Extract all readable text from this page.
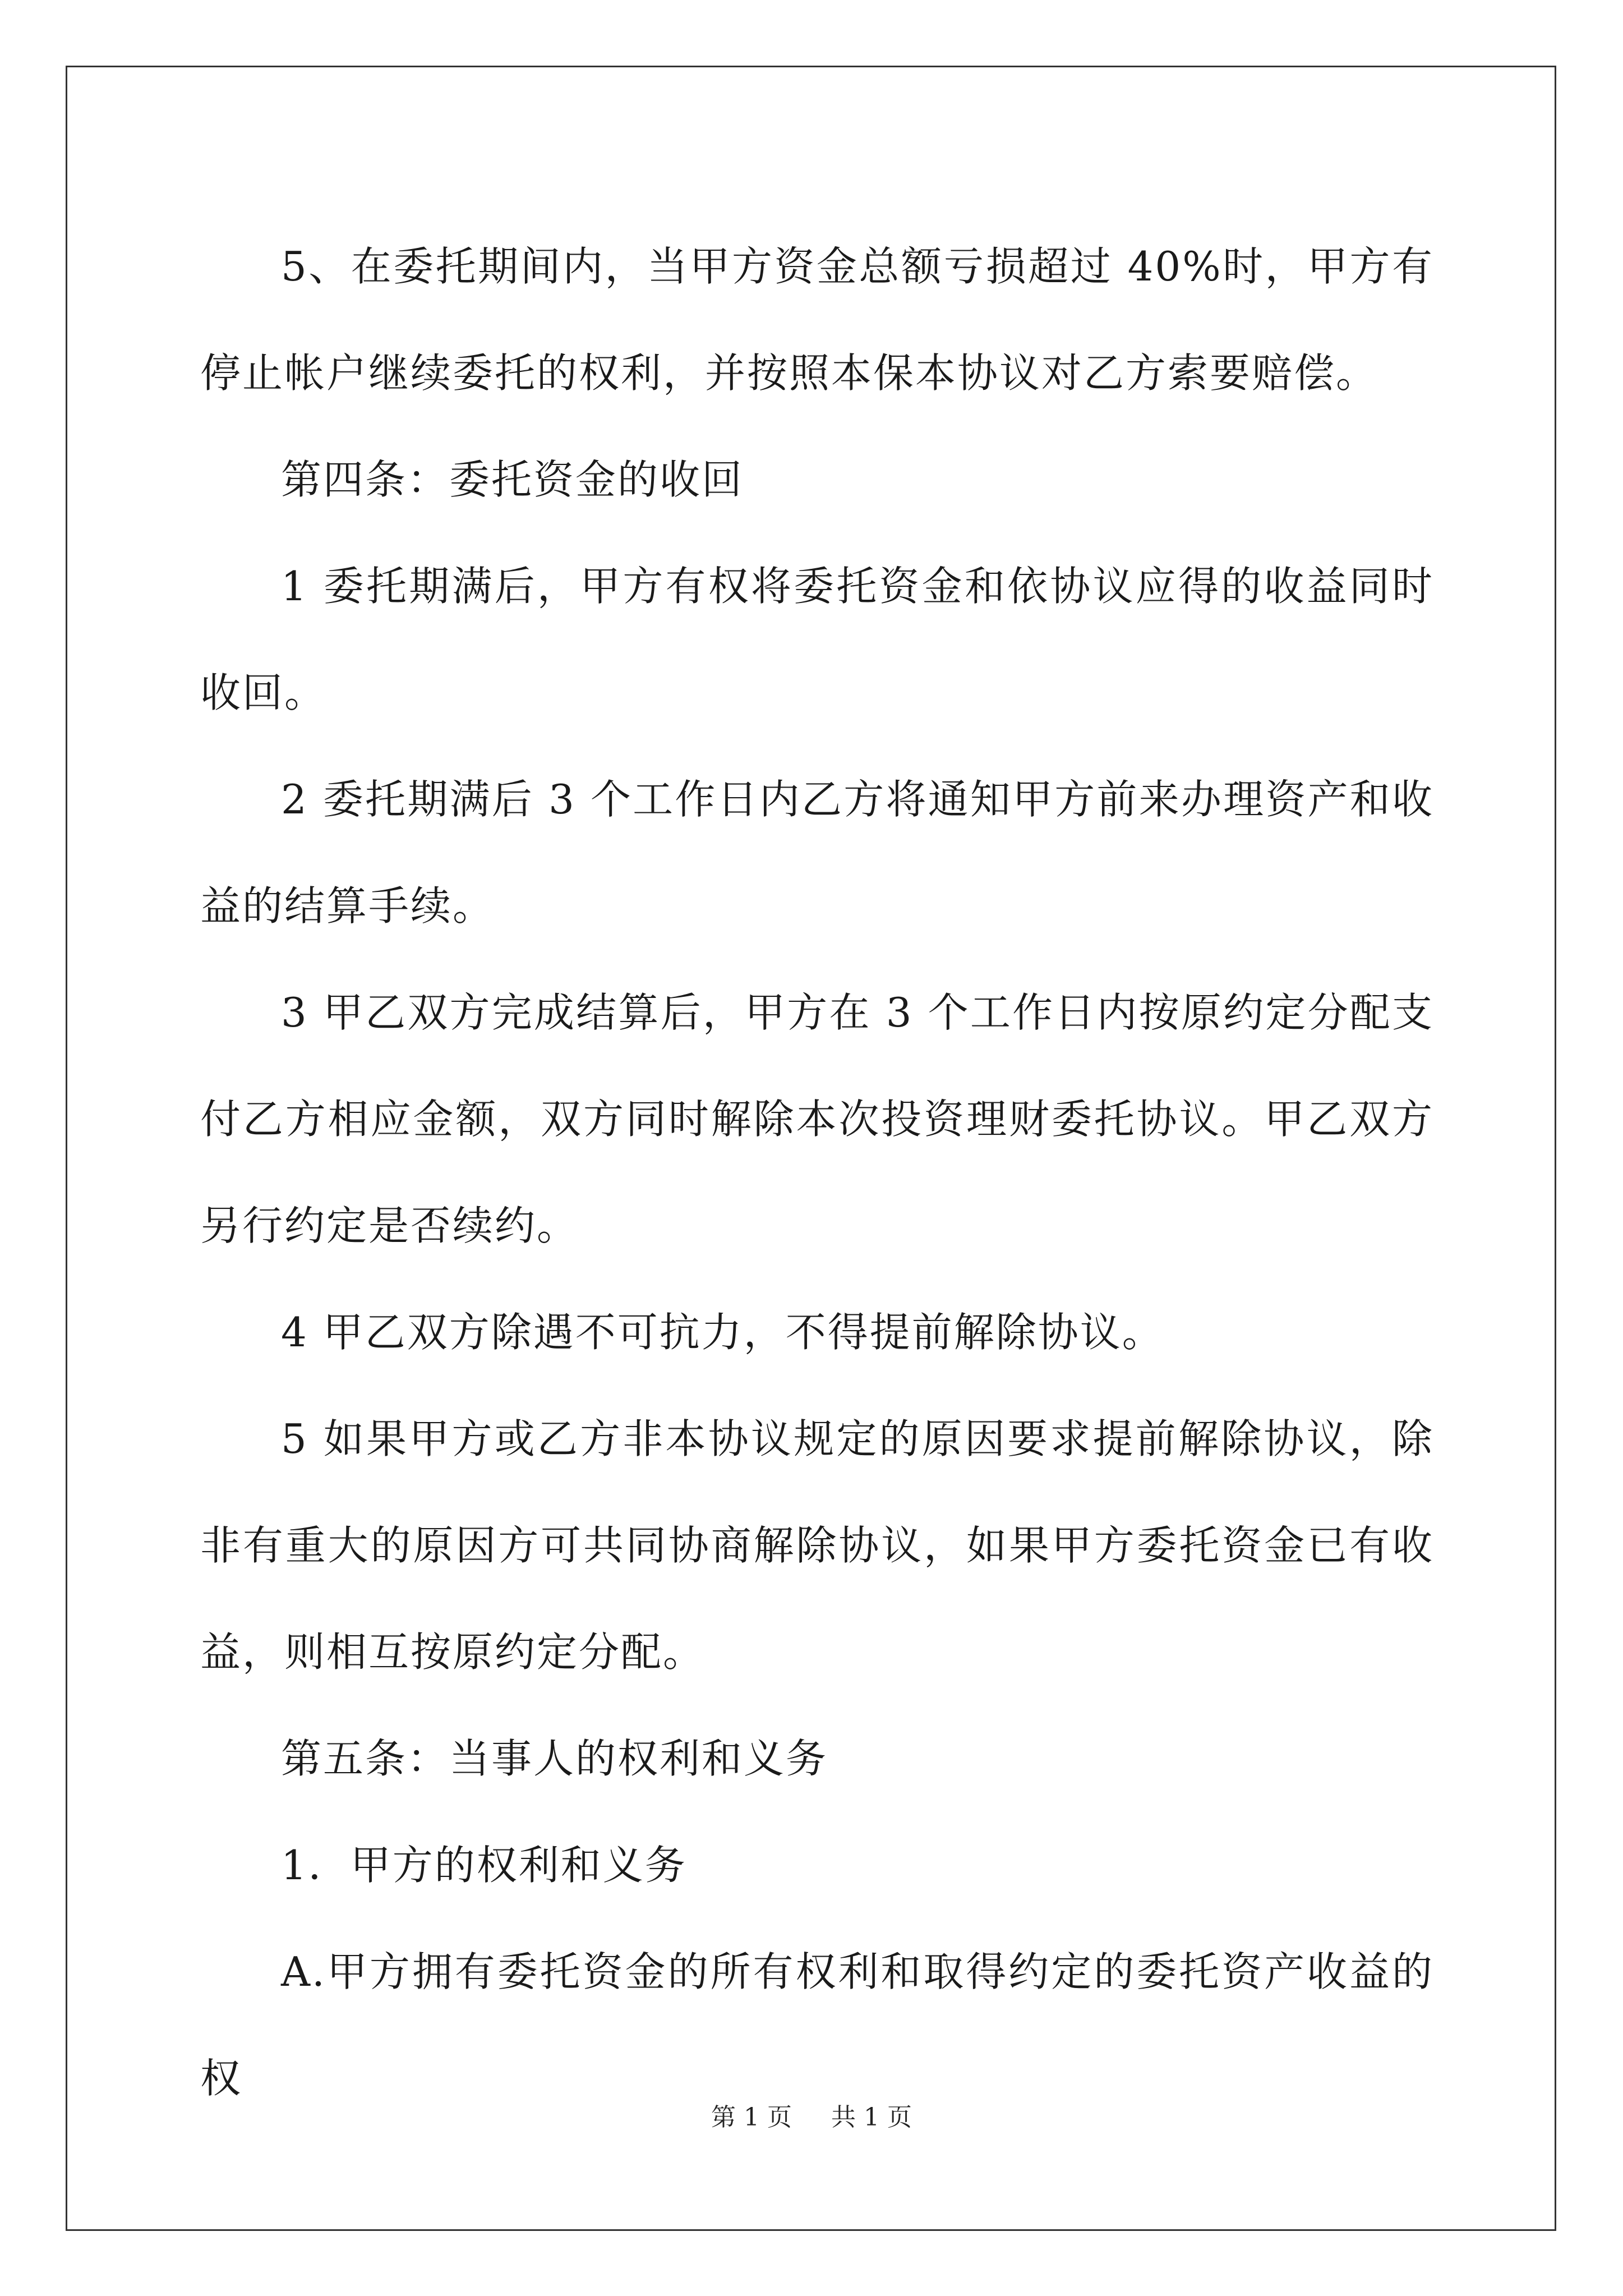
5、在委托期间内，当甲方资金总额亏损超过 40%时，甲方有停止帐户继续委托的权利，并按照本保本协议对乙方索要赔偿。

第四条：委托资金的收回

1 委托期满后，甲方有权将委托资金和依协议应得的收益同时收回。

2 委托期满后 3 个工作日内乙方将通知甲方前来办理资产和收益的结算手续。

3 甲乙双方完成结算后，甲方在 3 个工作日内按原约定分配支付乙方相应金额，双方同时解除本次投资理财委托协议。甲乙双方另行约定是否续约。

4 甲乙双方除遇不可抗力，不得提前解除协议。

5 如果甲方或乙方非本协议规定的原因要求提前解除协议，除非有重大的原因方可共同协商解除协议，如果甲方委托资金已有收益，则相互按原约定分配。

第五条：当事人的权利和义务

1．甲方的权利和义务

A.甲方拥有委托资金的所有权利和取得约定的委托资产收益的权

第 1 页 共 1 页
